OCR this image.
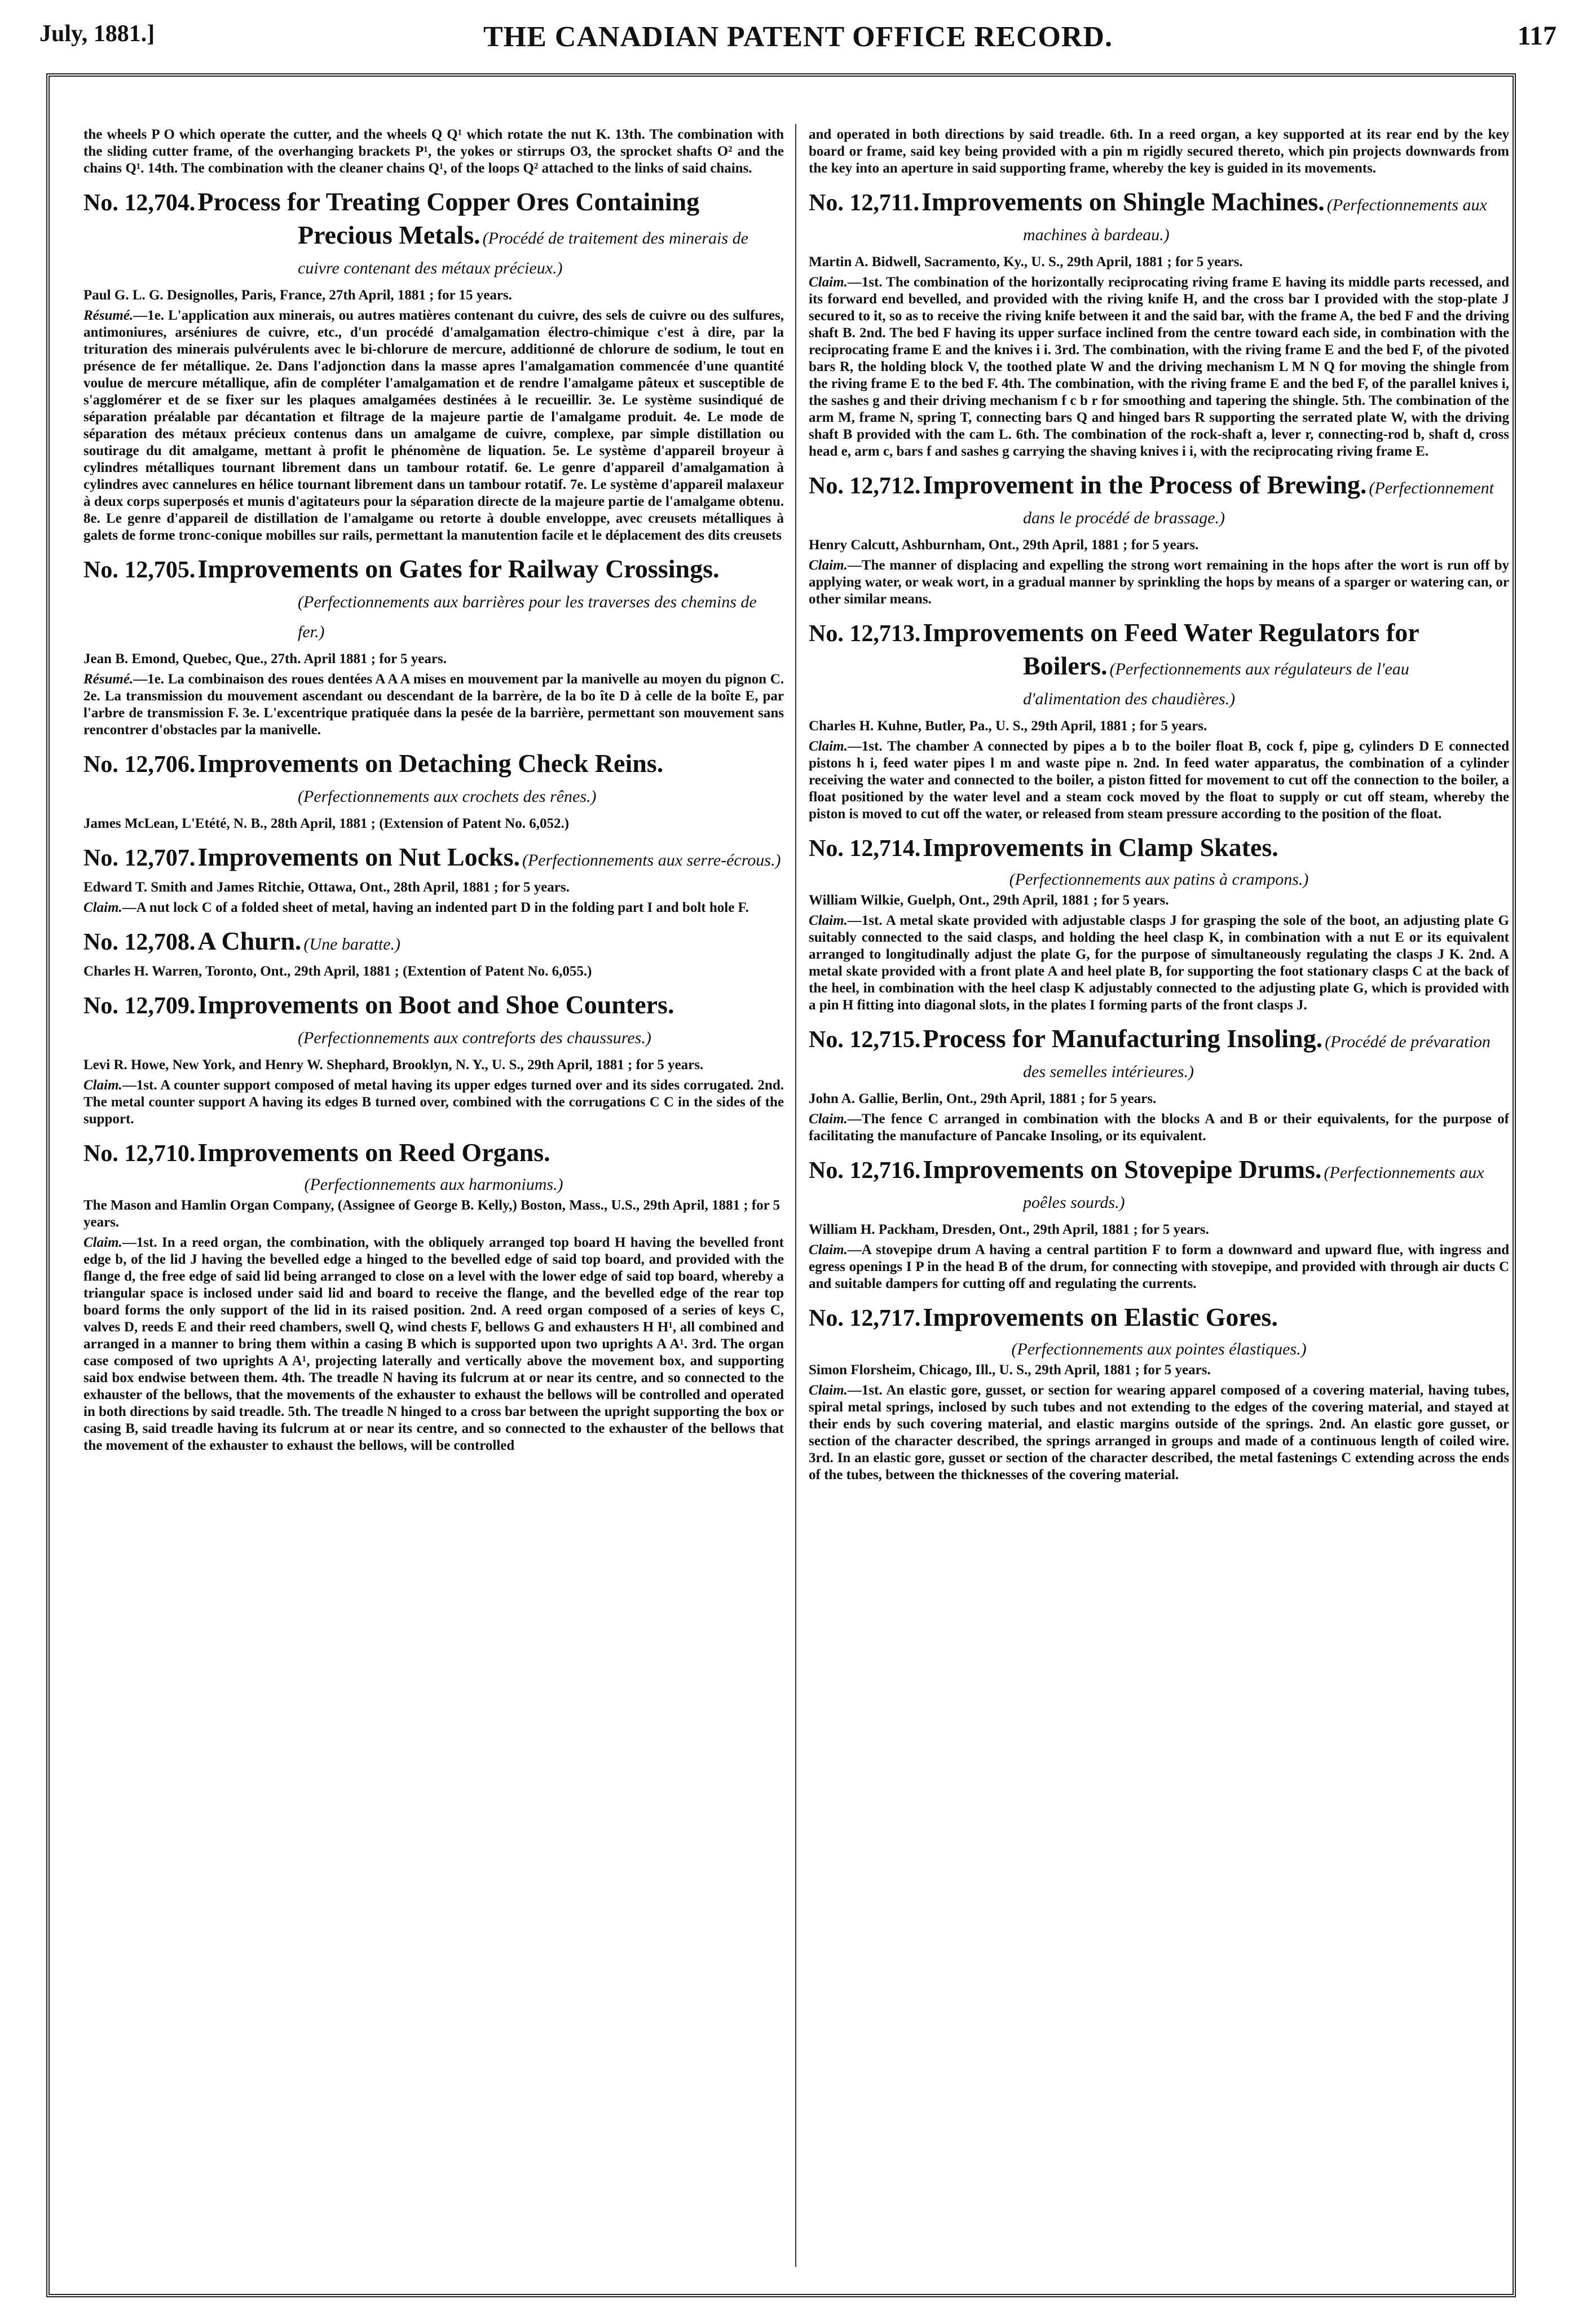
July, 1881.]	THE CANADIAN PATENT OFFICE RECORD.	117

the wheels P O which operate the cutter, and the wheels Q Q¹ which rotate the nut K. 13th. The combination with the sliding cutter frame, of the overhanging brackets P¹, the yokes or stirrups O3, the sprocket shafts O² and the chains Q¹. 14th. The combination with the cleaner chains Q¹, of the loops Q² attached to the links of said chains.

No. 12,704. Process for Treating Copper Ores Containing Precious Metals. (Procédé de traitement des minerais de cuivre contenant des métaux précieux.)

Paul G. L. G. Designolles, Paris, France, 27th April, 1881 ; for 15 years.

Résumé.—1e. L'application aux minerais, ou autres matières contenant du cuivre, des sels de cuivre ou des sulfures, antimoniures, arséniures de cuivre, etc., d'un procédé d'amalgamation électro-chimique c'est à dire, par la trituration des minerais pulvérulents avec le bi-chlorure de mercure, additionné de chlorure de sodium, le tout en présence de fer métallique. 2e. Dans l'adjonction dans la masse apres l'amalgamation commencée d'une quantité voulue de mercure métallique, afin de compléter l'amalgamation et de rendre l'amalgame pâteux et susceptible de s'agglomérer et de se fixer sur les plaques amalgamées destinées à le recueillir. 3e. Le système susindiqué de séparation préalable par décantation et filtrage de la majeure partie de l'amalgame produit. 4e. Le mode de séparation des métaux précieux contenus dans un amalgame de cuivre, complexe, par simple distillation ou soutirage du dit amalgame, mettant à profit le phénomène de liquation. 5e. Le système d'appareil broyeur à cylindres métalliques tournant librement dans un tambour rotatif. 6e. Le genre d'appareil d'amalgamation à cylindres avec cannelures en hélice tournant librement dans un tambour rotatif. 7e. Le système d'appareil malaxeur à deux corps superposés et munis d'agitateurs pour la séparation directe de la majeure partie de l'amalgame obtenu. 8e. Le genre d'appareil de distillation de l'amalgame ou retorte à double enveloppe, avec creusets métalliques à galets de forme tronc-conique mobilles sur rails, permettant la manutention facile et le déplacement des dits creusets

No. 12,705. Improvements on Gates for Railway Crossings. (Perfectionnements aux barrières pour les traverses des chemins de fer.)

Jean B. Emond, Quebec, Que., 27th. April 1881 ; for 5 years.

Résumé.—1e. La combinaison des roues dentées A A A mises en mouvement par la manivelle au moyen du pignon C. 2e. La transmission du mouvement ascendant ou descendant de la barrère, de la bo îte D à celle de la boîte E, par l'arbre de transmission F. 3e. L'excentrique pratiquée dans la pesée de la barrière, permettant son mouvement sans rencontrer d'obstacles par la manivelle.

No. 12,706. Improvements on Detaching Check Reins. (Perfectionnements aux crochets des rênes.)

James McLean, L'Etété, N. B., 28th April, 1881 ; (Extension of Patent No. 6,052.)

No. 12,707. Improvements on Nut Locks. (Perfectionnements aux serre-écrous.)

Edward T. Smith and James Ritchie, Ottawa, Ont., 28th April, 1881 ; for 5 years.

Claim.—A nut lock C of a folded sheet of metal, having an indented part D in the folding part I and bolt hole F.

No. 12,708. A Churn. (Une baratte.)

Charles H. Warren, Toronto, Ont., 29th April, 1881 ; (Extention of Patent No. 6,055.)

No. 12,709. Improvements on Boot and Shoe Counters. (Perfectionnements aux contreforts des chaussures.)

Levi R. Howe, New York, and Henry W. Shephard, Brooklyn, N. Y., U. S., 29th April, 1881 ; for 5 years.

Claim.—1st. A counter support composed of metal having its upper edges turned over and its sides corrugated. 2nd. The metal counter support A having its edges B turned over, combined with the corrugations C C in the sides of the support.

No. 12,710. Improvements on Reed Organs.

(Perfectionnements aux harmoniums.)

The Mason and Hamlin Organ Company, (Assignee of George B. Kelly,) Boston, Mass., U.S., 29th April, 1881 ; for 5 years.

Claim.—1st. In a reed organ, the combination, with the obliquely arranged top board H having the bevelled front edge b, of the lid J having the bevelled edge a hinged to the bevelled edge of said top board, and provided with the flange d, the free edge of said lid being arranged to close on a level with the lower edge of said top board, whereby a triangular space is inclosed under said lid and board to receive the flange, and the bevelled edge of the rear top board forms the only support of the lid in its raised position. 2nd. A reed organ composed of a series of keys C, valves D, reeds E and their reed chambers, swell Q, wind chests F, bellows G and exhausters H H¹, all combined and arranged in a manner to bring them within a casing B which is supported upon two uprights A A¹. 3rd. The organ case composed of two uprights A A¹, projecting laterally and vertically above the movement box, and supporting said box endwise between them. 4th. The treadle N having its fulcrum at or near its centre, and so connected to the exhauster of the bellows, that the movements of the exhauster to exhaust the bellows will be controlled and operated in both directions by said treadle. 5th. The treadle N hinged to a cross bar between the upright supporting the box or casing B, said treadle having its fulcrum at or near its centre, and so connected to the exhauster of the bellows that the movement of the exhauster to exhaust the bellows, will be controlled

and operated in both directions by said treadle. 6th. In a reed organ, a key supported at its rear end by the key board or frame, said key being provided with a pin m rigidly secured thereto, which pin projects downwards from the key into an aperture in said supporting frame, whereby the key is guided in its movements.

No. 12,711. Improvements on Shingle Machines. (Perfectionnements aux machines à bardeau.)

Martin A. Bidwell, Sacramento, Ky., U. S., 29th April, 1881 ; for 5 years.

Claim.—1st. The combination of the horizontally reciprocating riving frame E having its middle parts recessed, and its forward end bevelled, and provided with the riving knife H, and the cross bar I provided with the stop-plate J secured to it, so as to receive the riving knife between it and the said bar, with the frame A, the bed F and the driving shaft B. 2nd. The bed F having its upper surface inclined from the centre toward each side, in combination with the reciprocating frame E and the knives i i. 3rd. The combination, with the riving frame E and the bed F, of the pivoted bars R, the holding block V, the toothed plate W and the driving mechanism L M N Q for moving the shingle from the riving frame E to the bed F. 4th. The combination, with the riving frame E and the bed F, of the parallel knives i, the sashes g and their driving mechanism f c b r for smoothing and tapering the shingle. 5th. The combination of the arm M, frame N, spring T, connecting bars Q and hinged bars R supporting the serrated plate W, with the driving shaft B provided with the cam L. 6th. The combination of the rock-shaft a, lever r, connecting-rod b, shaft d, cross head e, arm c, bars f and sashes g carrying the shaving knives i i, with the reciprocating riving frame E.

No. 12,712. Improvement in the Process of Brewing. (Perfectionnement dans le procédé de brassage.)

Henry Calcutt, Ashburnham, Ont., 29th April, 1881 ; for 5 years.

Claim.—The manner of displacing and expelling the strong wort remaining in the hops after the wort is run off by applying water, or weak wort, in a gradual manner by sprinkling the hops by means of a sparger or watering can, or other similar means.

No. 12,713. Improvements on Feed Water Regulators for Boilers. (Perfectionnements aux régulateurs de l'eau d'alimentation des chaudières.)

Charles H. Kuhne, Butler, Pa., U. S., 29th April, 1881 ; for 5 years.

Claim.—1st. The chamber A connected by pipes a b to the boiler float B, cock f, pipe g, cylinders D E connected pistons h i, feed water pipes l m and waste pipe n. 2nd. In feed water apparatus, the combination of a cylinder receiving the water and connected to the boiler, a piston fitted for movement to cut off the connection to the boiler, a float positioned by the water level and a steam cock moved by the float to supply or cut off steam, whereby the piston is moved to cut off the water, or released from steam pressure according to the position of the float.

No. 12,714. Improvements in Clamp Skates.

(Perfectionnements aux patins à crampons.)

William Wilkie, Guelph, Ont., 29th April, 1881 ; for 5 years.

Claim.—1st. A metal skate provided with adjustable clasps J for grasping the sole of the boot, an adjusting plate G suitably connected to the said clasps, and holding the heel clasp K, in combination with a nut E or its equivalent arranged to longitudinally adjust the plate G, for the purpose of simultaneously regulating the clasps J K. 2nd. A metal skate provided with a front plate A and heel plate B, for supporting the foot stationary clasps C at the back of the heel, in combination with the heel clasp K adjustably connected to the adjusting plate G, which is provided with a pin H fitting into diagonal slots, in the plates I forming parts of the front clasps J.

No. 12,715. Process for Manufacturing Insoling. (Procédé de prévaration des semelles intérieures.)

John A. Gallie, Berlin, Ont., 29th April, 1881 ; for 5 years.

Claim.—The fence C arranged in combination with the blocks A and B or their equivalents, for the purpose of facilitating the manufacture of Pancake Insoling, or its equivalent.

No. 12,716. Improvements on Stovepipe Drums. (Perfectionnements aux poêles sourds.)

William H. Packham, Dresden, Ont., 29th April, 1881 ; for 5 years.

Claim.—A stovepipe drum A having a central partition F to form a downward and upward flue, with ingress and egress openings I P in the head B of the drum, for connecting with stovepipe, and provided with through air ducts C and suitable dampers for cutting off and regulating the currents.

No. 12,717. Improvements on Elastic Gores.

(Perfectionnements aux pointes élastiques.)

Simon Florsheim, Chicago, Ill., U. S., 29th April, 1881 ; for 5 years.

Claim.—1st. An elastic gore, gusset, or section for wearing apparel composed of a covering material, having tubes, spiral metal springs, inclosed by such tubes and not extending to the edges of the covering material, and stayed at their ends by such covering material, and elastic margins outside of the springs. 2nd. An elastic gore gusset, or section of the character described, the springs arranged in groups and made of a continuous length of coiled wire. 3rd. In an elastic gore, gusset or section of the character described, the metal fastenings C extending across the ends of the tubes, between the thicknesses of the covering material.
